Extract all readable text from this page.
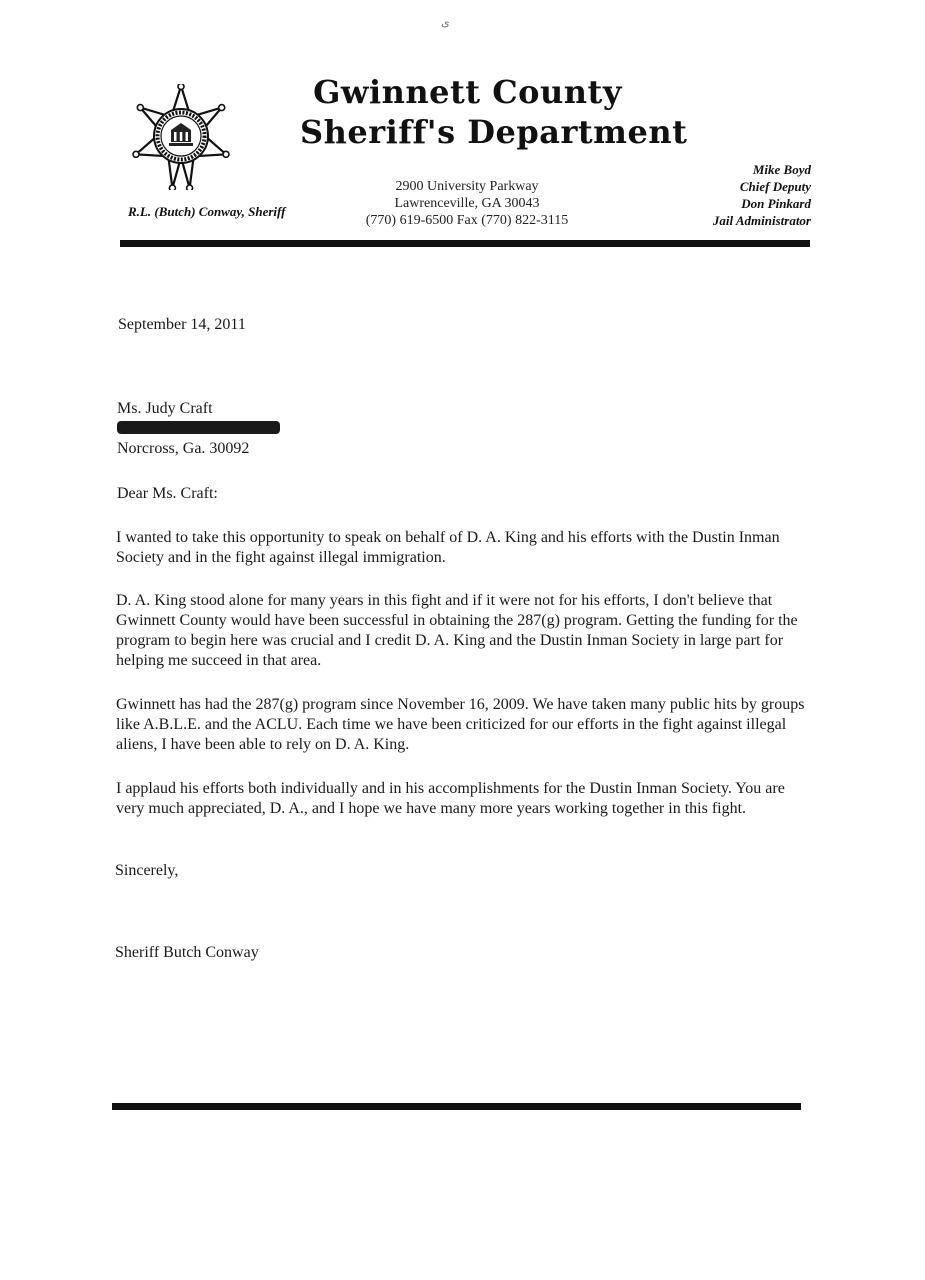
ی
Gwinnett County
Sheriff's Department
2900 University Parkway
Lawrenceville, GA 30043
(770) 619-6500 Fax (770) 822-3115
R.L. (Butch) Conway, Sheriff
Mike Boyd
Chief Deputy
Don Pinkard
Jail Administrator
September 14, 2011
Ms. Judy Craft
Norcross, Ga. 30092
Dear Ms. Craft:
I wanted to take this opportunity to speak on behalf of D. A. King and his efforts with the Dustin Inman Society and in the fight against illegal immigration.
D. A. King stood alone for many years in this fight and if it were not for his efforts, I don't believe that Gwinnett County would have been successful in obtaining the 287(g) program. Getting the funding for the program to begin here was crucial and I credit D. A. King and the Dustin Inman Society in large part for helping me succeed in that area.
Gwinnett has had the 287(g) program since November 16, 2009. We have taken many public hits by groups like A.B.L.E. and the ACLU. Each time we have been criticized for our efforts in the fight against illegal aliens, I have been able to rely on D. A. King.
I applaud his efforts both individually and in his accomplishments for the Dustin Inman Society. You are very much appreciated, D. A., and I hope we have many more years working together in this fight.
Sincerely,
Sheriff Butch Conway
